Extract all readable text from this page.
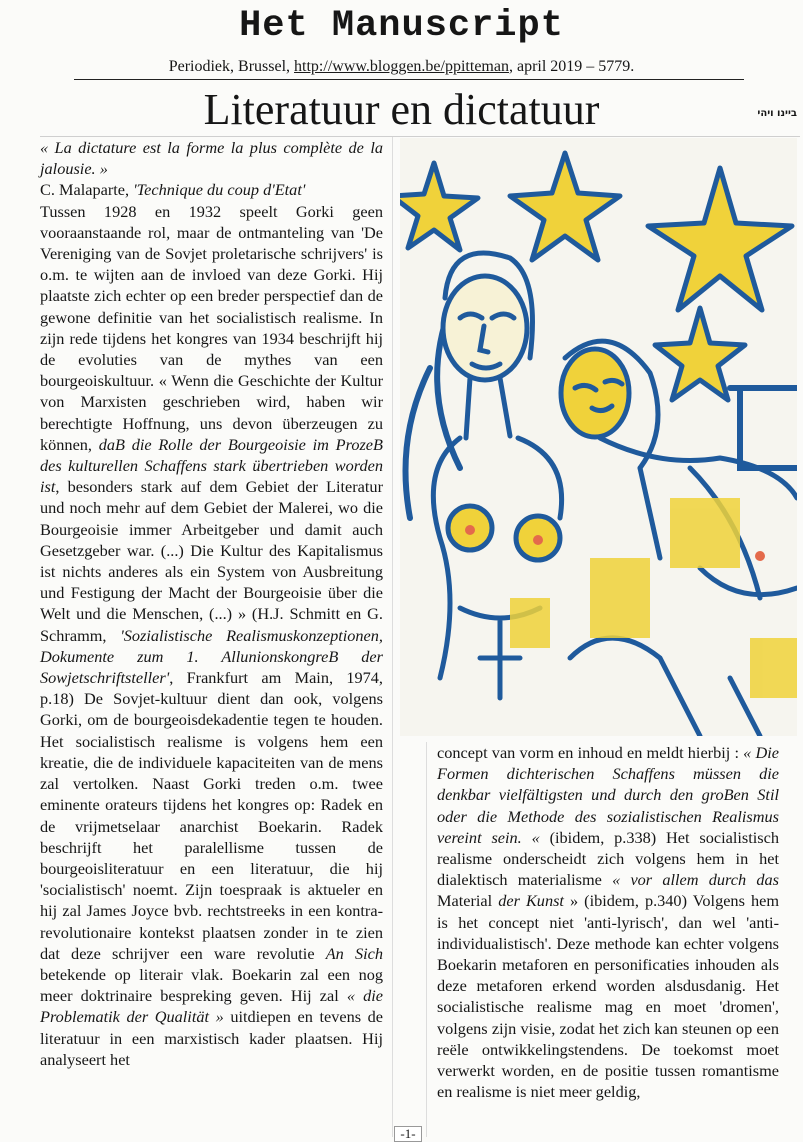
Het Manuscript
Periodiek, Brussel, http://www.bloggen.be/ppitteman, april 2019 – 5779.
Literatuur en dictatuur	ביינו ויהי

« La dictature est la forme la plus complète de la jalousie. »

C. Malaparte, 'Technique du coup d'Etat'

Tussen 1928 en 1932 speelt Gorki geen vooraanstaande rol, maar de ontmanteling van 'De Vereniging van de Sovjet proletarische schrijvers' is o.m. te wijten aan de invloed van deze Gorki. Hij plaatste zich echter op een breder perspectief dan de gewone definitie van het socialistisch realisme. In zijn rede tijdens het kongres van 1934 beschrijft hij de evoluties van de mythes van een bourgeoiskultuur. « Wenn die Geschichte der Kultur von Marxisten geschrieben wird, haben wir berechtigte Hoffnung, uns devon überzeugen zu können, daB die Rolle der Bourgeoisie im ProzeB des kulturellen Schaffens stark übertrieben worden ist, besonders stark auf dem Gebiet der Literatur und noch mehr auf dem Gebiet der Malerei, wo die Bourgeoisie immer Arbeitgeber und damit auch Gesetzgeber war. (...) Die Kultur des Kapitalismus ist nichts anderes als ein System von Ausbreitung und Festigung der Macht der Bourgeoisie über die Welt und die Menschen, (...) » (H.J. Schmitt en G. Schramm, 'Sozialistische Realismuskonzeptionen, Dokumente zum 1. AllunionskongreB der Sowjetschriftsteller', Frankfurt am Main, 1974, p.18) De Sovjet-kultuur dient dan ook, volgens Gorki, om de bourgeoisdekadentie tegen te houden. Het socialistisch realisme is volgens hem een kreatie, die de individuele kapaciteiten van de mens zal vertolken. Naast Gorki treden o.m. twee eminente orateurs tijdens het kongres op: Radek en de vrijmetselaar anarchist Boekarin. Radek beschrijft het paralellisme tussen de bourgeoisliteratuur en een literatuur, die hij 'socialistisch' noemt. Zijn toespraak is aktueler en hij zal James Joyce bvb. rechtstreeks in een kontra-revolutionaire kontekst plaatsen zonder in te zien dat deze schrijver een ware revolutie An Sich betekende op literair vlak. Boekarin zal een nog meer doktrinaire bespreking geven. Hij zal « die Problematik der Qualität » uitdiepen en tevens de literatuur in een marxistisch kader plaatsen. Hij analyseert het

concept van vorm en inhoud en meldt hierbij : « Die Formen dichterischen Schaffens müssen die denkbar vielfältigsten und durch den groBen Stil oder die Methode des sozialistischen Realismus vereint sein. « (ibidem, p.338) Het socialistisch realisme onderscheidt zich volgens hem in het dialektisch materialisme « vor allem durch das Material der Kunst » (ibidem, p.340) Volgens hem is het concept niet 'anti-lyrisch', dan wel 'anti-individualistisch'. Deze methode kan echter volgens Boekarin metaforen en personificaties inhouden als deze metaforen erkend worden alsdusdanig. Het socialistische realisme mag en moet 'dromen', volgens zijn visie, zodat het zich kan steunen op een reële ontwikkelingstendens. De toekomst moet verwerkt worden, en de positie tussen romantisme en realisme is niet meer geldig,

-1-
